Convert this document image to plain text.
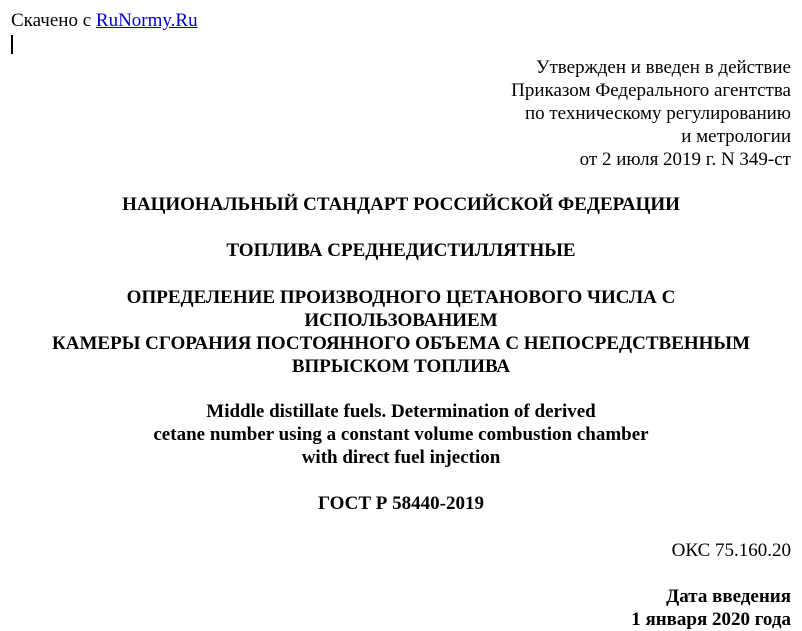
Скачено с RuNormy.Ru
Утвержден и введен в действие
Приказом Федерального агентства
по техническому регулированию
и метрологии
от 2 июля 2019 г. N 349-ст
НАЦИОНАЛЬНЫЙ СТАНДАРТ РОССИЙСКОЙ ФЕДЕРАЦИИ
ТОПЛИВА СРЕДНЕДИСТИЛЛЯТНЫЕ
ОПРЕДЕЛЕНИЕ ПРОИЗВОДНОГО ЦЕТАНОВОГО ЧИСЛА С
ИСПОЛЬЗОВАНИЕМ
КАМЕРЫ СГОРАНИЯ ПОСТОЯННОГО ОБЪЕМА С НЕПОСРЕДСТВЕННЫМ
ВПРЫСКОМ ТОПЛИВА
Middle distillate fuels. Determination of derived
cetane number using a constant volume combustion chamber
with direct fuel injection
ГОСТ Р 58440-2019
ОКС 75.160.20
Дата введения
1 января 2020 года
